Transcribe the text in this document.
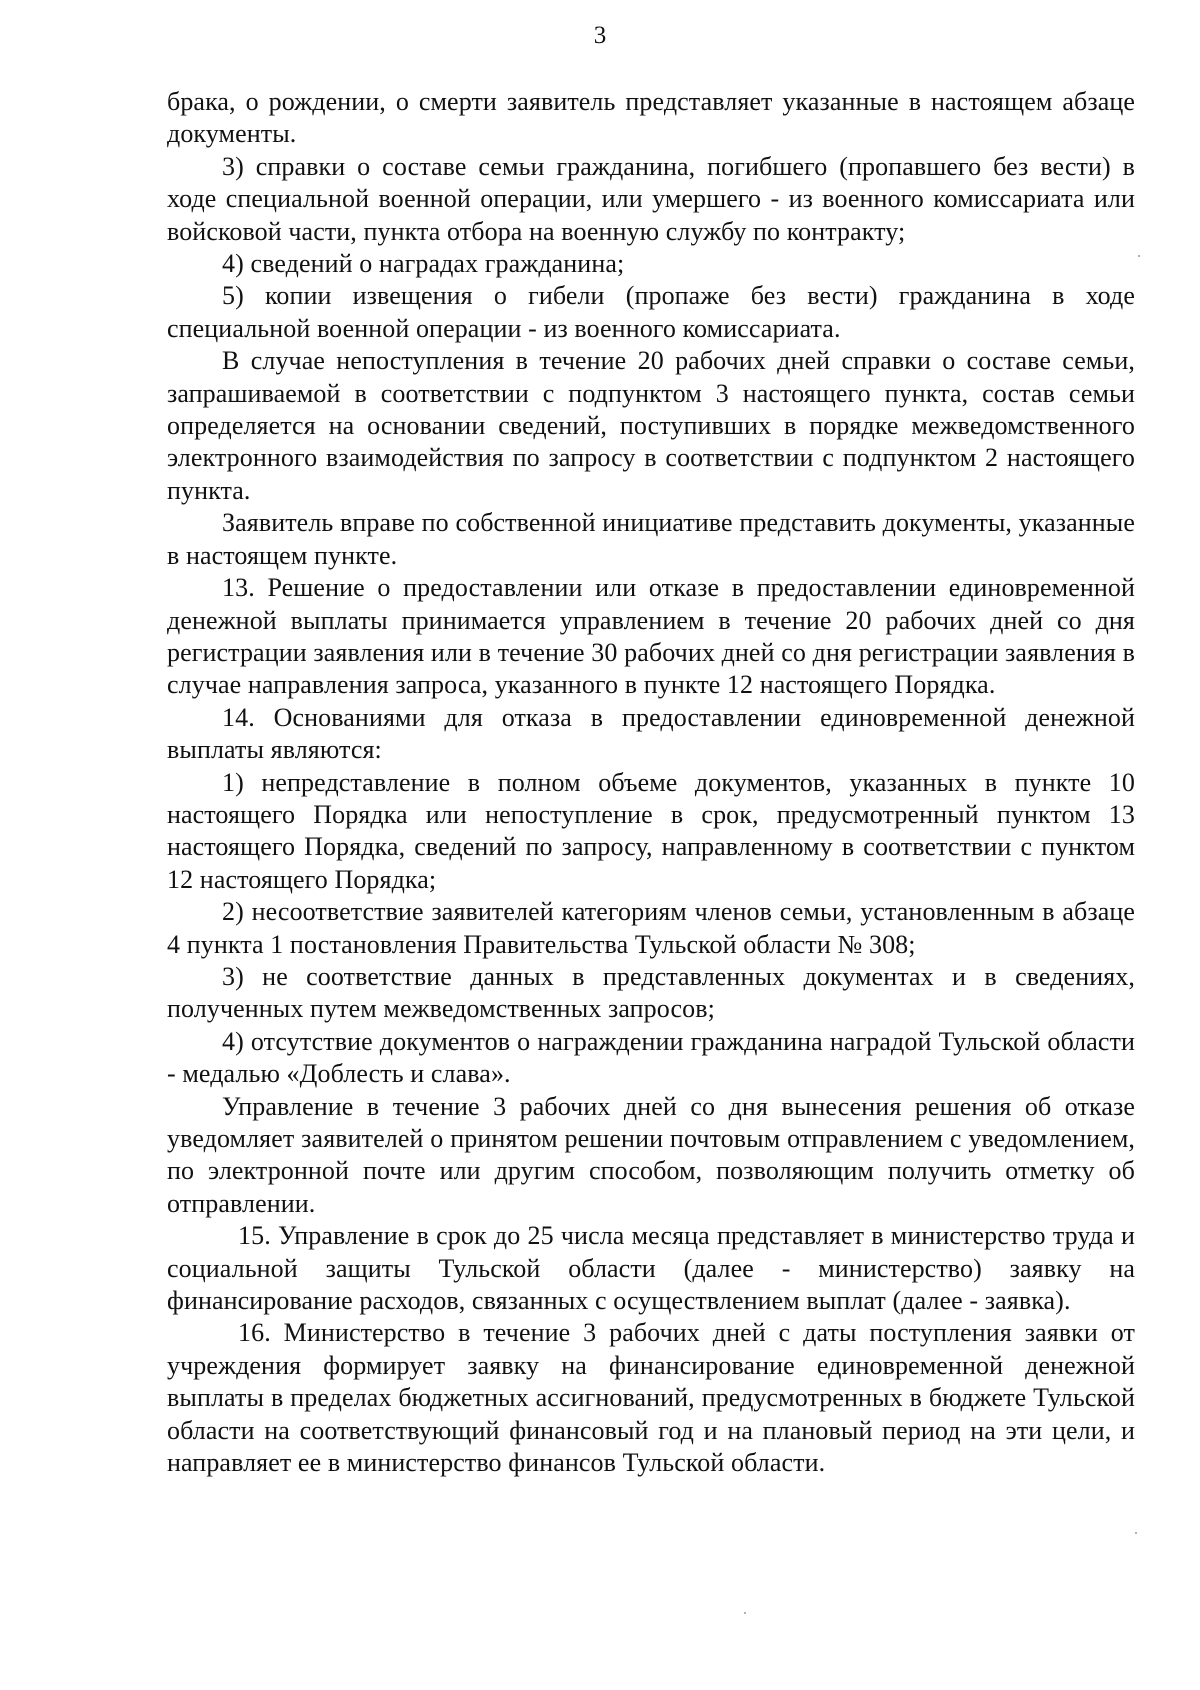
3

брака, о рождении, о смерти заявитель представляет указанные в настоящем абзаце документы.

3) справки о составе семьи гражданина, погибшего (пропавшего без вести) в ходе специальной военной операции, или умершего - из военного комиссариата или войсковой части, пункта отбора на военную службу по контракту;

4) сведений о наградах гражданина;

5) копии извещения о гибели (пропаже без вести) гражданина в ходе специальной военной операции - из военного комиссариата.

В случае непоступления в течение 20 рабочих дней справки о составе семьи, запрашиваемой в соответствии с подпунктом 3 настоящего пункта, состав семьи определяется на основании сведений, поступивших в порядке межведомственного электронного взаимодействия по запросу в соответствии с подпунктом 2 настоящего пункта.

Заявитель вправе по собственной инициативе представить документы, указанные в настоящем пункте.

13. Решение о предоставлении или отказе в предоставлении единовременной денежной выплаты принимается управлением в течение 20 рабочих дней со дня регистрации заявления или в течение 30 рабочих дней со дня регистрации заявления в случае направления запроса, указанного в пункте 12 настоящего Порядка.

14. Основаниями для отказа в предоставлении единовременной денежной выплаты являются:

1) непредставление в полном объеме документов, указанных в пункте 10 настоящего Порядка или непоступление в срок, предусмотренный пунктом 13 настоящего Порядка, сведений по запросу, направленному в соответствии с пунктом 12 настоящего Порядка;

2) несоответствие заявителей категориям членов семьи, установленным в абзаце 4 пункта 1 постановления Правительства Тульской области № 308;

3) не соответствие данных в представленных документах и в сведениях, полученных путем межведомственных запросов;

4) отсутствие документов о награждении гражданина наградой Тульской области - медалью «Доблесть и слава».

Управление в течение 3 рабочих дней со дня вынесения решения об отказе уведомляет заявителей о принятом решении почтовым отправлением с уведомлением, по электронной почте или другим способом, позволяющим получить отметку об отправлении.

15. Управление в срок до 25 числа месяца представляет в министерство труда и социальной защиты Тульской области (далее - министерство) заявку на финансирование расходов, связанных с осуществлением выплат (далее - заявка).

16. Министерство в течение 3 рабочих дней с даты поступления заявки от учреждения формирует заявку на финансирование единовременной денежной выплаты в пределах бюджетных ассигнований, предусмотренных в бюджете Тульской области на соответствующий финансовый год и на плановый период на эти цели, и направляет ее в министерство финансов Тульской области.
